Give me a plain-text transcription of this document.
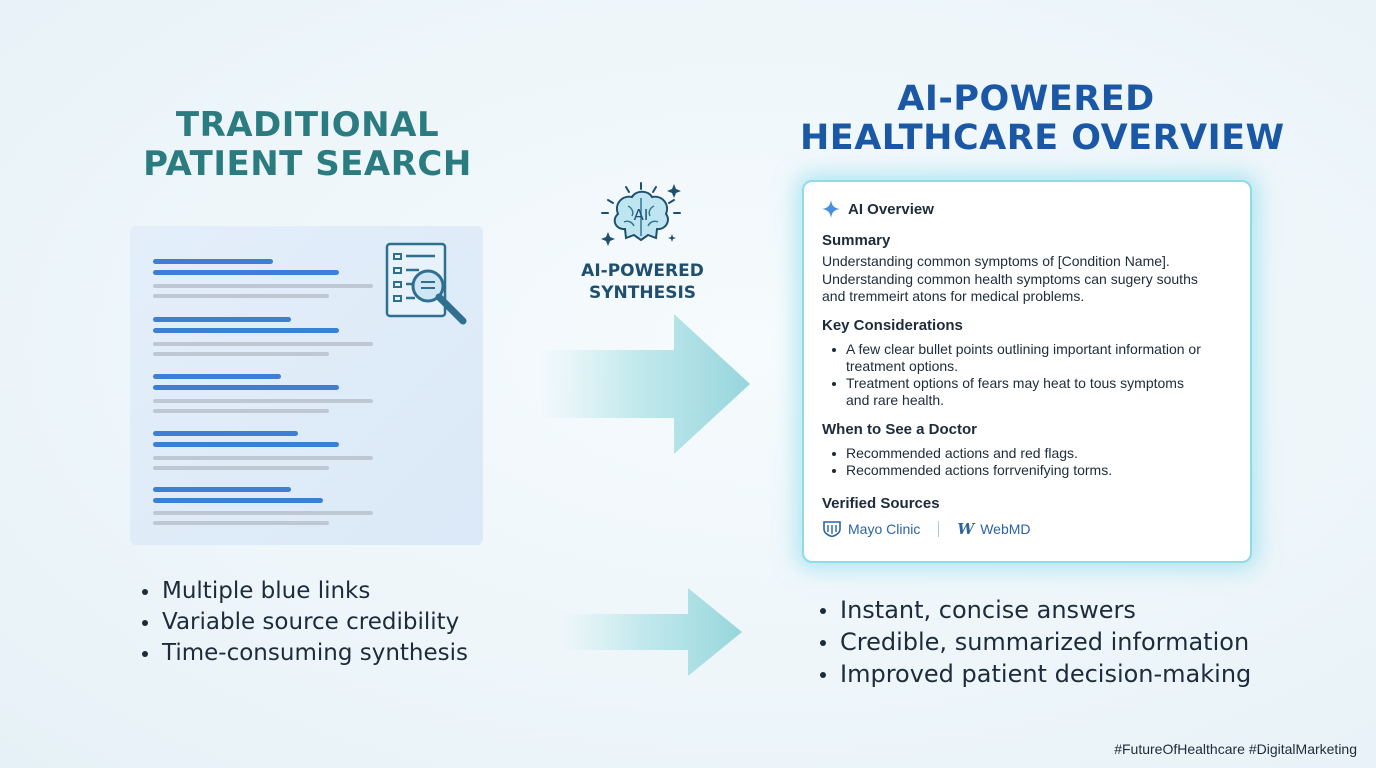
TRADITIONAL
PATIENT SEARCH
AI-POWERED
HEALTHCARE OVERVIEW
AI
AI-POWERED
SYNTHESIS
AI Overview
Summary
Understanding common symptoms of [Condition Name].
Understanding common health symptoms can sugery souths
and tremmeirt atons for medical problems.
Key Considerations
A few clear bullet points outlining important information or
treatment options.
Treatment options of fears may heat to tous symptoms
and rare health.
When to See a Doctor
Recommended actions and red flags.
Recommended actions forrvenifying torms.
Verified Sources
Mayo Clinic W WebMD
Multiple blue links
Variable source credibility
Time-consuming synthesis
Instant, concise answers
Credible, summarized information
Improved patient decision-making
#FutureOfHealthcare #DigitalMarketing
